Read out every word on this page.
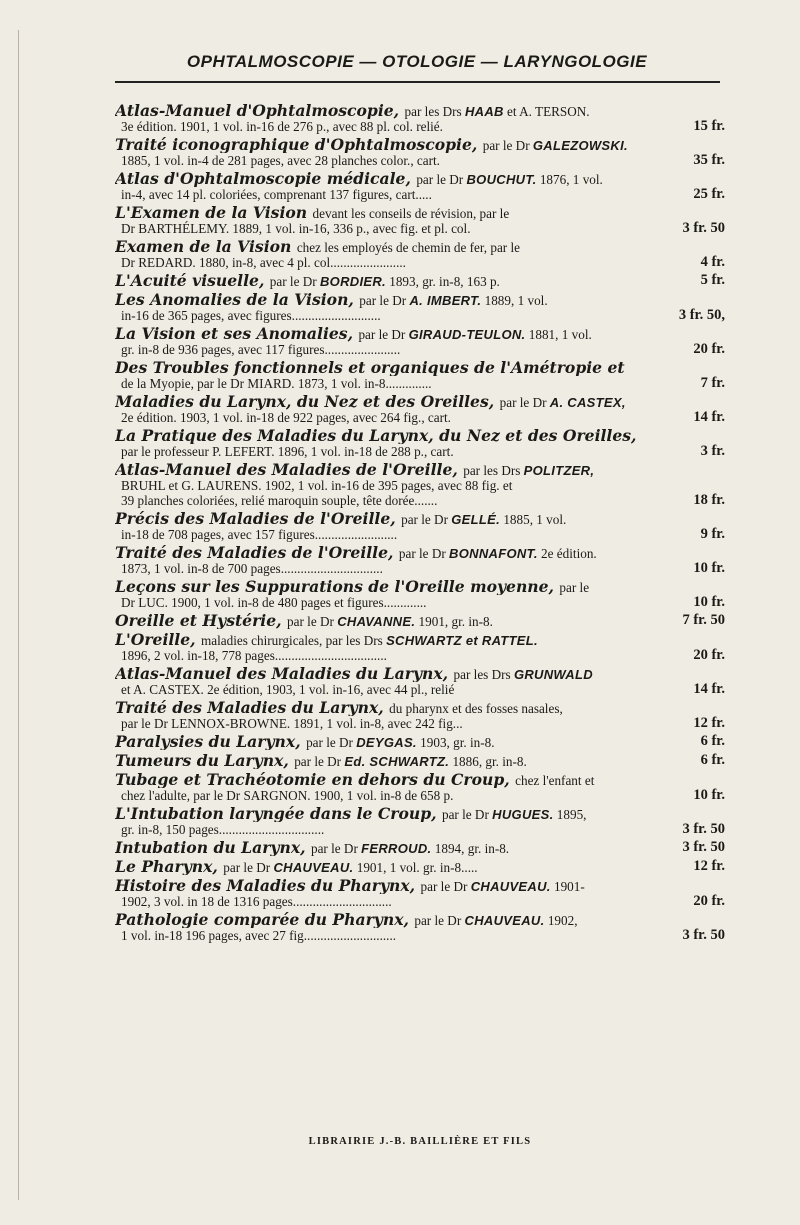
OPHTALMOSCOPIE — OTOLOGIE — LARYNGOLOGIE
Atlas-Manuel d'Ophtalmoscopie, par les Drs HAAB et A. TERSON.
3e édition. 1901, 1 vol. in-16 de 276 p., avec 88 pl. col. relié.	15 fr.
Traité iconographique d'Ophtalmoscopie, par le Dr GALEZOWSKI.
1885, 1 vol. in-4 de 281 pages, avec 28 planches color., cart.	35 fr.
Atlas d'Ophtalmoscopie médicale, par le Dr BOUCHUT. 1876, 1 vol.
in-4, avec 14 pl. coloriées, comprenant 137 figures, cart.....	25 fr.
L'Examen de la Vision devant les conseils de révision, par le
Dr BARTHÉLEMY. 1889, 1 vol. in-16, 336 p., avec fig. et pl. col.	3 fr. 50
Examen de la Vision chez les employés de chemin de fer, par le
Dr REDARD. 1880, in-8, avec 4 pl. col.......................	4 fr.
L'Acuité visuelle, par le Dr BORDIER. 1893, gr. in-8, 163 p.	5 fr.
Les Anomalies de la Vision, par le Dr A. IMBERT. 1889, 1 vol.
in-16 de 365 pages, avec figures...........................	3 fr. 50,
La Vision et ses Anomalies, par le Dr GIRAUD-TEULON. 1881, 1 vol.
gr. in-8 de 936 pages, avec 117 figures.......................	20 fr.
Des Troubles fonctionnels et organiques de l'Amétropie et
de la Myopie, par le Dr MIARD. 1873, 1 vol. in-8..............	7 fr.
Maladies du Larynx, du Nez et des Oreilles, par le Dr A. CASTEX,
2e édition. 1903, 1 vol. in-18 de 922 pages, avec 264 fig., cart.	14 fr.
La Pratique des Maladies du Larynx, du Nez et des Oreilles,
par le professeur P. LEFERT. 1896, 1 vol. in-18 de 288 p., cart.	3 fr.
Atlas-Manuel des Maladies de l'Oreille, par les Drs POLITZER,
BRUHL et G. LAURENS. 1902, 1 vol. in-16 de 395 pages, avec 88 fig. et
39 planches coloriées, relié maroquin souple, tête dorée.......	18 fr.
Précis des Maladies de l'Oreille, par le Dr GELLÉ. 1885, 1 vol.
in-18 de 708 pages, avec 157 figures.........................	9 fr.
Traité des Maladies de l'Oreille, par le Dr BONNAFONT. 2e édition.
1873, 1 vol. in-8 de 700 pages...............................	10 fr.
Leçons sur les Suppurations de l'Oreille moyenne, par le
Dr LUC. 1900, 1 vol. in-8 de 480 pages et figures.............	10 fr.
Oreille et Hystérie, par le Dr CHAVANNE. 1901, gr. in-8.	7 fr. 50
L'Oreille, maladies chirurgicales, par les Drs SCHWARTZ et RATTEL.
1896, 2 vol. in-18, 778 pages..................................	20 fr.
Atlas-Manuel des Maladies du Larynx, par les Drs GRUNWALD
et A. CASTEX. 2e édition, 1903, 1 vol. in-16, avec 44 pl., relié	14 fr.
Traité des Maladies du Larynx, du pharynx et des fosses nasales,
par le Dr LENNOX-BROWNE. 1891, 1 vol. in-8, avec 242 fig...	12 fr.
Paralysies du Larynx, par le Dr DEYGAS. 1903, gr. in-8.	6 fr.
Tumeurs du Larynx, par le Dr Ed. SCHWARTZ. 1886, gr. in-8.	6 fr.
Tubage et Trachéotomie en dehors du Croup, chez l'enfant et
chez l'adulte, par le Dr SARGNON. 1900, 1 vol. in-8 de 658 p.	10 fr.
L'Intubation laryngée dans le Croup, par le Dr HUGUES. 1895,
gr. in-8, 150 pages................................	3 fr. 50
Intubation du Larynx, par le Dr FERROUD. 1894, gr. in-8.	3 fr. 50
Le Pharynx, par le Dr CHAUVEAU. 1901, 1 vol. gr. in-8.....	12 fr.
Histoire des Maladies du Pharynx, par le Dr CHAUVEAU. 1901-
1902, 3 vol. in 18 de 1316 pages..............................	20 fr.
Pathologie comparée du Pharynx, par le Dr CHAUVEAU. 1902,
1 vol. in-18 196 pages, avec 27 fig............................	3 fr. 50
LIBRAIRIE J.-B. BAILLIÈRE ET FILS
